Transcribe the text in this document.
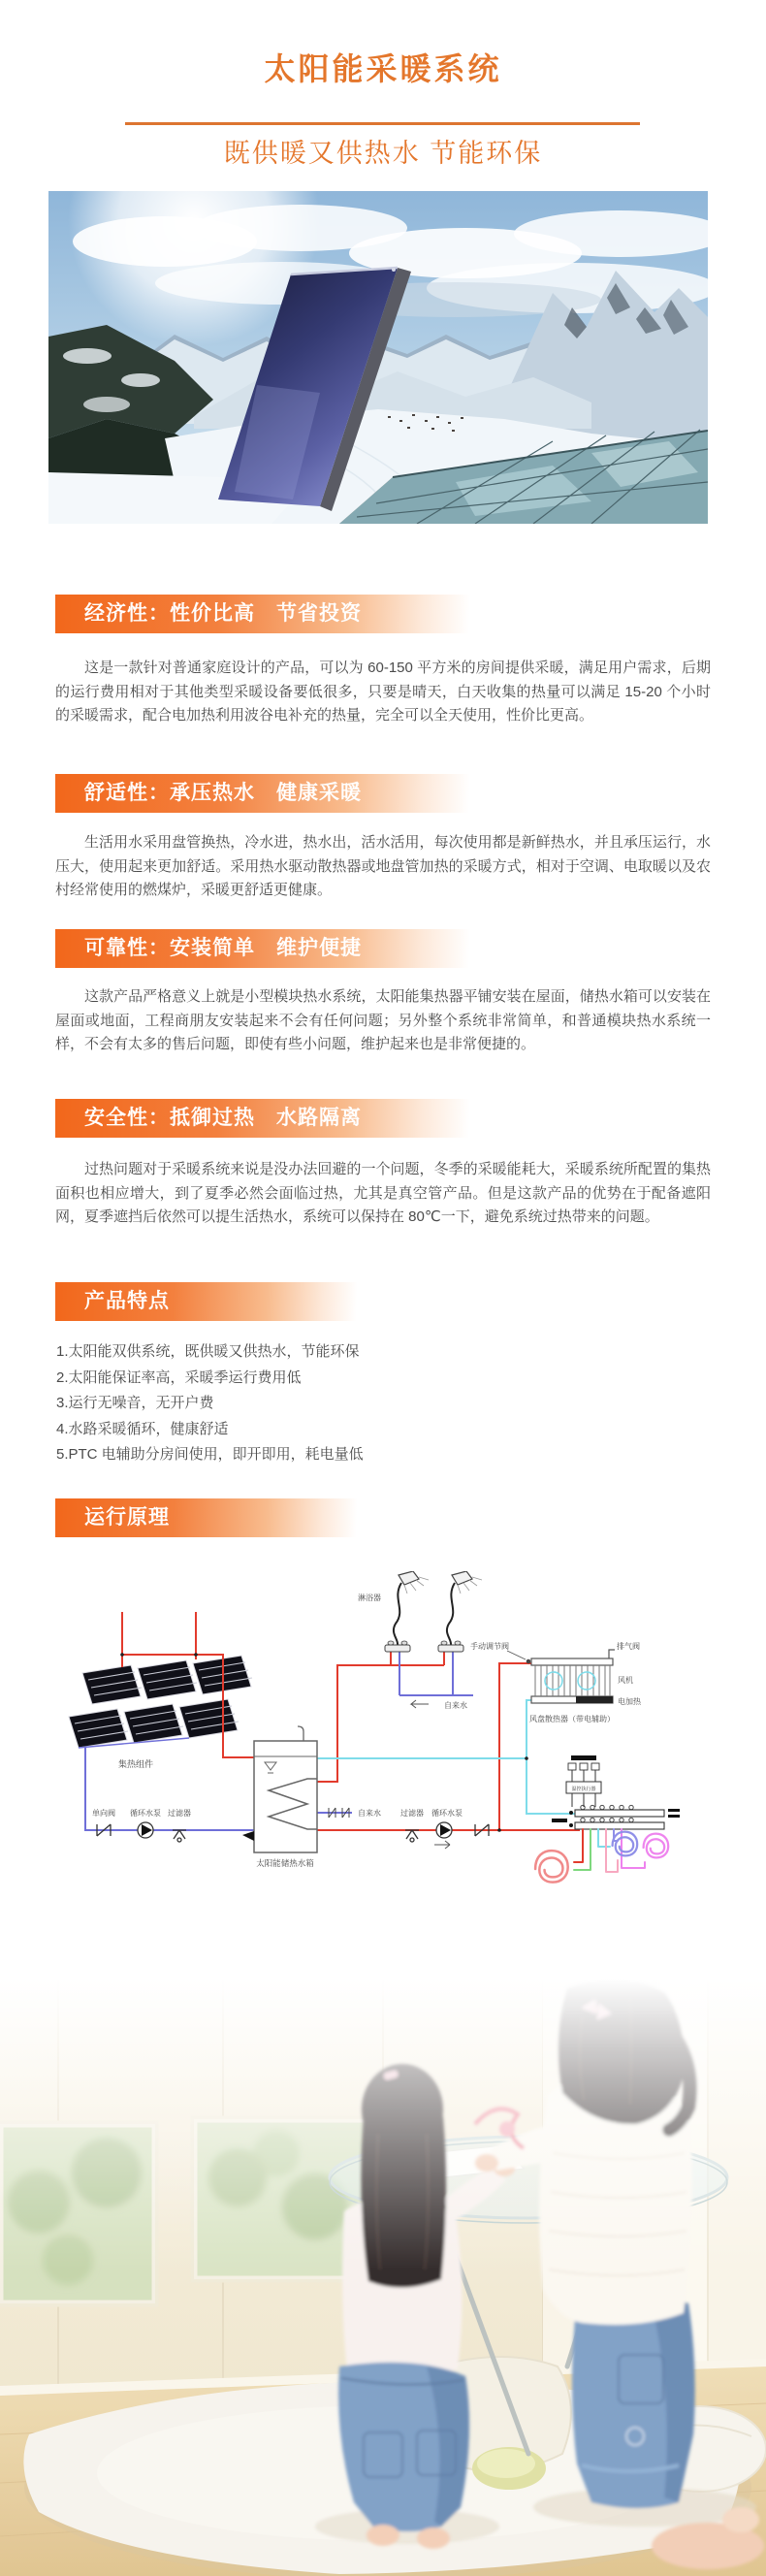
太阳能采暖系统
既供暖又供热水 节能环保
经济性：性价比高　节省投资

这是一款针对普通家庭设计的产品，可以为 60-150 平方米的房间提供采暖，满足用户需求，后期的运行费用相对于其他类型采暖设备要低很多，只要是晴天，白天收集的热量可以满足 15-20 个小时的采暖需求，配合电加热利用波谷电补充的热量，完全可以全天使用，性价比更高。

舒适性：承压热水　健康采暖

生活用水采用盘管换热，冷水进，热水出，活水活用，每次使用都是新鲜热水，并且承压运行，水压大，使用起来更加舒适。采用热水驱动散热器或地盘管加热的采暖方式，相对于空调、电取暖以及农村经常使用的燃煤炉，采暖更舒适更健康。

可靠性：安装简单　维护便捷

这款产品严格意义上就是小型模块热水系统，太阳能集热器平铺安装在屋面，储热水箱可以安装在屋面或地面，工程商朋友安装起来不会有任何问题；另外整个系统非常简单，和普通模块热水系统一样，不会有太多的售后问题，即使有些小问题，维护起来也是非常便捷的。

安全性：抵御过热　水路隔离

过热问题对于采暖系统来说是没办法回避的一个问题，冬季的采暖能耗大，采暖系统所配置的集热面积也相应增大，到了夏季必然会面临过热，尤其是真空管产品。但是这款产品的优势在于配备遮阳网，夏季遮挡后依然可以提生活热水，系统可以保持在 80℃一下，避免系统过热带来的问题。

产品特点
1.太阳能双供系统，既供暖又供热水，节能环保
2.太阳能保证率高，采暖季运行费用低
3.运行无噪音，无开户费
4.水路采暖循环，健康舒适
5.PTC 电辅助分房间使用，即开即用，耗电量低
运行原理
集热组件
单向阀 循环水泵 过滤器
太阳能储热水箱
自来水
淋浴器
自来水
手动调节阀	排气阀
风机
电加热
风盘散热器（带电辅助）
过滤器 循环水泵
温控执行器
